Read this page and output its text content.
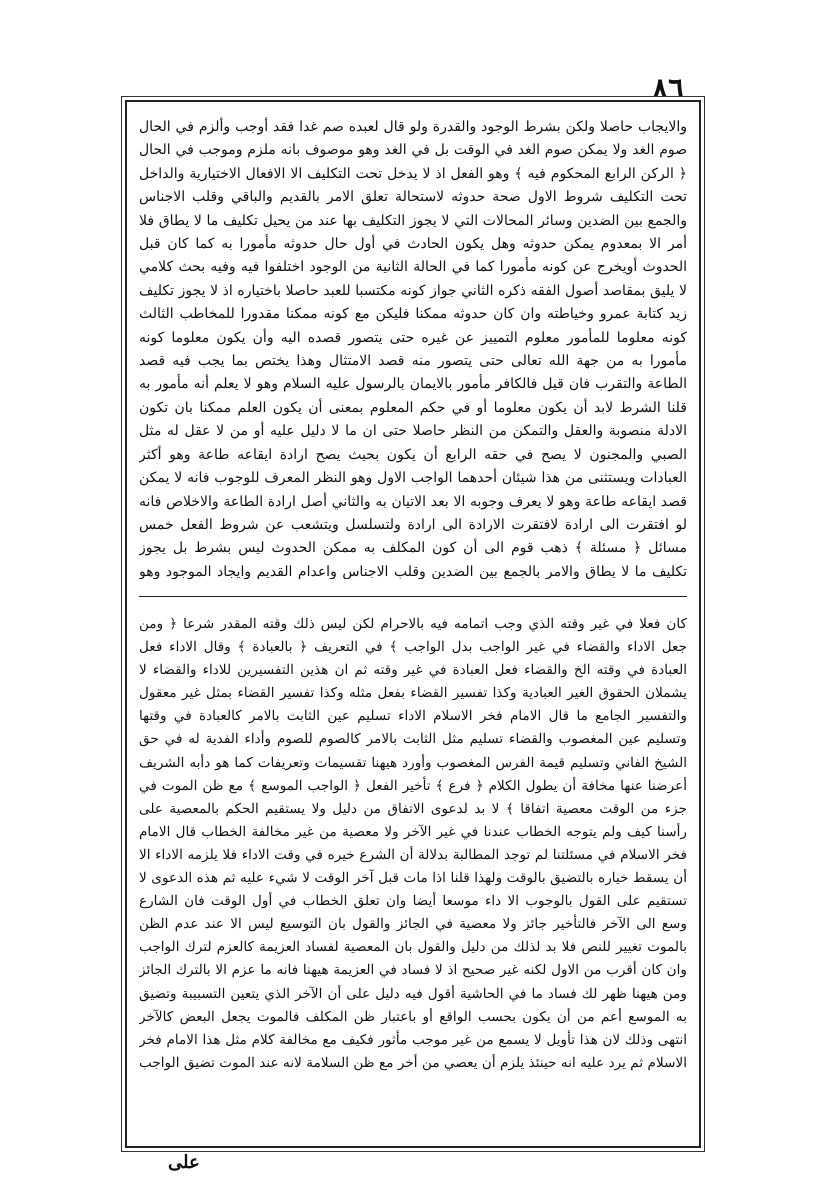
٨٦

والايجاب حاصلا ولكن بشرط الوجود والقدرة ولو قال لعبده صم غدا فقد أوجب وألزم في الحال صوم الغد ولا يمكن صوم الغد في الوقت بل في الغد وهو موصوف بانه ملزم وموجب في الحال ﴿ الركن الرابع المحكوم فيه ﴾ وهو الفعل اذ لا يدخل تحت التكليف الا الافعال الاختيارية والداخل تحت التكليف شروط الاول صحة حدوثه لاستحالة تعلق الامر بالقديم والباقي وقلب الاجناس والجمع بين الضدين وسائر المحالات التي لا يجوز التكليف بها عند من يحيل تكليف ما لا يطاق فلا أمر الا بمعدوم يمكن حدوثه وهل يكون الحادث في أول حال حدوثه مأمورا به كما كان قبل الحدوث أويخرج عن كونه مأمورا كما في الحالة الثانية من الوجود اختلفوا فيه وفيه بحث كلامي لا يليق بمقاصد أصول الفقه ذكره الثاني جواز كونه مكتسبا للعبد حاصلا باختياره اذ لا يجوز تكليف زيد كتابة عمرو وخياطته وان كان حدوثه ممكنا فليكن مع كونه ممكنا مقدورا للمخاطب الثالث كونه معلوما للمأمور معلوم التمييز عن غيره حتى يتصور قصده اليه وأن يكون معلوما كونه مأمورا به من جهة الله تعالى حتى يتصور منه قصد الامتثال وهذا يختص بما يجب فيه قصد الطاعة والتقرب فان قيل فالكافر مأمور بالايمان بالرسول عليه السلام وهو لا يعلم أنه مأمور به قلنا الشرط لابد أن يكون معلوما أو في حكم المعلوم بمعنى أن يكون العلم ممكنا بان تكون الادلة منصوبة والعقل والتمكن من النظر حاصلا حتى ان ما لا دليل عليه أو من لا عقل له مثل الصبي والمجنون لا يصح في حقه الرابع أن يكون بحيث يصح ارادة ايقاعه طاعة وهو أكثر العبادات ويستثنى من هذا شيئان أحدهما الواجب الاول وهو النظر المعرف للوجوب فانه لا يمكن قصد ايقاعه طاعة وهو لا يعرف وجوبه الا بعد الاتيان به والثاني أصل ارادة الطاعة والاخلاص فانه لو افتقرت الى ارادة لافتقرت الارادة الى ارادة ولتسلسل ويتشعب عن شروط الفعل خمس مسائل ﴿ مسئلة ﴾ ذهب قوم الى أن كون المكلف به ممكن الحدوث ليس بشرط بل يجوز تكليف ما لا يطاق والامر بالجمع بين الضدين وقلب الاجناس واعدام القديم وايجاد الموجود وهو

كان فعلا في غير وقته الذي وجب اتمامه فيه بالاحرام لكن ليس ذلك وقته المقدر شرعا ﴿ ومن جعل الاداء والقضاء في غير الواجب بدل الواجب ﴾ في التعريف ﴿ بالعبادة ﴾ وقال الاداء فعل العبادة في وقته الخ والقضاء فعل العبادة في غير وقته ثم ان هذين التفسيرين للاداء والقضاء لا يشملان الحقوق الغير العبادية وكذا تفسير القضاء بفعل مثله وكذا تفسير القضاء بمثل غير معقول والتفسير الجامع ما قال الامام فخر الاسلام الاداء تسليم عين الثابت بالامر كالعبادة في وقتها وتسليم عين المغصوب والقضاء تسليم مثل الثابت بالامر كالصوم للصوم وأداء الفدية له في حق الشيخ الفاني وتسليم قيمة الفرس المغصوب وأورد هيهنا تقسيمات وتعريفات كما هو دأبه الشريف أعرضنا عنها مخافة أن يطول الكلام ﴿ فرع ﴾ تأخير الفعل ﴿ الواجب الموسع ﴾ مع ظن الموت في جزء من الوقت معصية اتفاقا ﴾ لا بد لدعوى الاتفاق من دليل ولا يستقيم الحكم بالمعصية على رأسنا كيف ولم يتوجه الخطاب عندنا في غير الآخر ولا معصية من غير مخالفة الخطاب قال الامام فخر الاسلام في مسئلتنا لم توجد المطالبة بدلالة أن الشرع خيره في وقت الاداء فلا يلزمه الاداء الا أن يسقط خياره بالتضيق بالوقت ولهذا قلنا اذا مات قبل آخر الوقت لا شيء عليه ثم هذه الدعوى لا تستقيم على القول بالوجوب الا داء موسعا أيضا وان تعلق الخطاب في أول الوقت فان الشارع وسع الى الآخر فالتأخير جائز ولا معصية في الجائز والقول بان التوسيع ليس الا عند عدم الظن بالموت تغيير للنص فلا بد لذلك من دليل والقول بان المعصية لفساد العزيمة كالعزم لترك الواجب وان كان أقرب من الاول لكنه غير صحيح اذ لا فساد في العزيمة هيهنا فانه ما عزم الا بالترك الجائز ومن هيهنا ظهر لك فساد ما في الحاشية أقول فيه دليل على أن الآخر الذي يتعين التسبيبة وتضيق به الموسع أعم من أن يكون بحسب الواقع أو باعتبار ظن المكلف فالموت يجعل البعض كالآخر انتهى وذلك لان هذا تأويل لا يسمع من غير موجب مأثور فكيف مع مخالفة كلام مثل هذا الامام فخر الاسلام ثم يرد عليه انه حينئذ يلزم أن يعصي من أخر مع ظن السلامة لانه عند الموت تضيق الواجب

على
